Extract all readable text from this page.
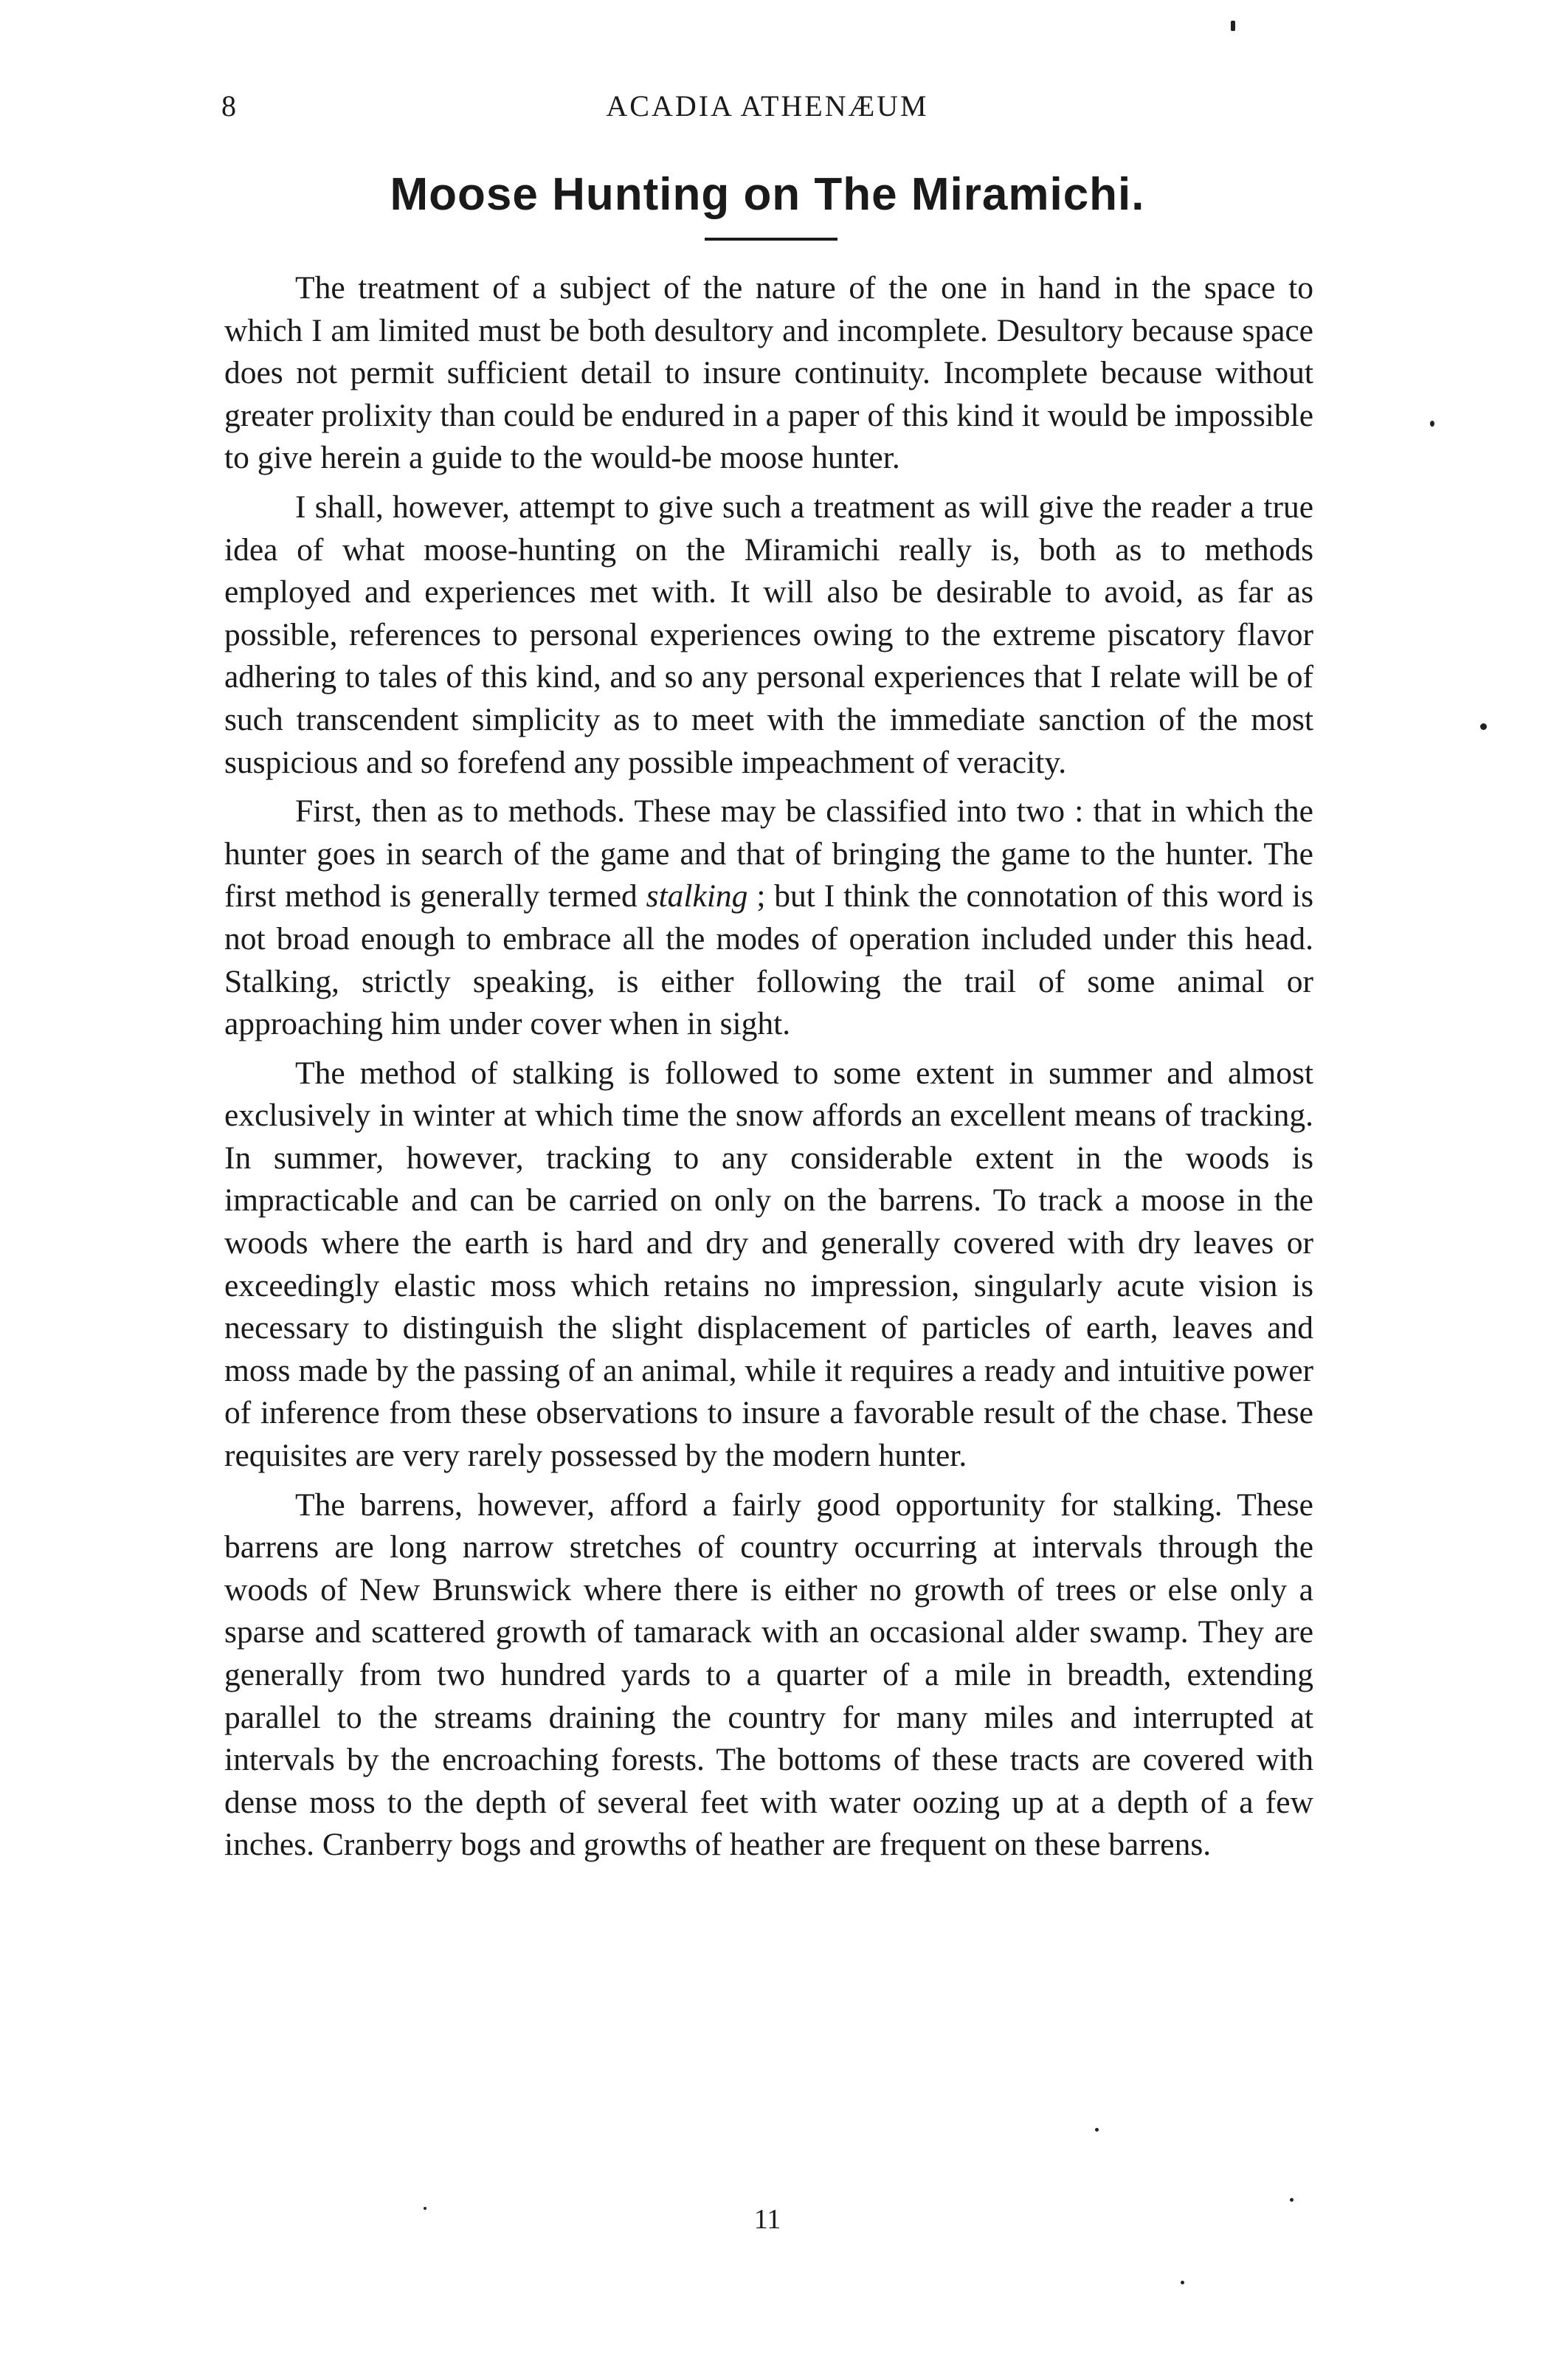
8	ACADIA ATHENÆUM
Moose Hunting on The Miramichi.

The treatment of a subject of the nature of the one in hand in the space to which I am limited must be both desultory and incomplete. Desultory because space does not permit sufficient detail to insure continuity. Incomplete because without greater prolixity than could be endured in a paper of this kind it would be impossible to give herein a guide to the would-be moose hunter.

I shall, however, attempt to give such a treatment as will give the reader a true idea of what moose-hunting on the Miramichi really is, both as to methods employed and experiences met with. It will also be desirable to avoid, as far as possible, references to personal experiences owing to the extreme piscatory flavor adhering to tales of this kind, and so any personal experiences that I relate will be of such transcendent simplicity as to meet with the immediate sanction of the most suspicious and so forefend any possible impeachment of veracity.

First, then as to methods. These may be classified into two : that in which the hunter goes in search of the game and that of bringing the game to the hunter. The first method is generally termed stalking ; but I think the connotation of this word is not broad enough to embrace all the modes of operation included under this head. Stalking, strictly speaking, is either following the trail of some animal or approaching him under cover when in sight.

The method of stalking is followed to some extent in summer and almost exclusively in winter at which time the snow affords an excellent means of tracking. In summer, however, tracking to any considerable extent in the woods is impracticable and can be carried on only on the barrens. To track a moose in the woods where the earth is hard and dry and generally covered with dry leaves or exceedingly elastic moss which retains no impression, singularly acute vision is necessary to distinguish the slight displacement of particles of earth, leaves and moss made by the passing of an animal, while it requires a ready and intuitive power of inference from these observations to insure a favorable result of the chase. These requisites are very rarely possessed by the modern hunter.

The barrens, however, afford a fairly good opportunity for stalking. These barrens are long narrow stretches of country occurring at intervals through the woods of New Brunswick where there is either no growth of trees or else only a sparse and scattered growth of tamarack with an occasional alder swamp. They are generally from two hundred yards to a quarter of a mile in breadth, extending parallel to the streams draining the country for many miles and interrupted at intervals by the encroaching forests. The bottoms of these tracts are covered with dense moss to the depth of several feet with water oozing up at a depth of a few inches. Cranberry bogs and growths of heather are frequent on these barrens.

11
